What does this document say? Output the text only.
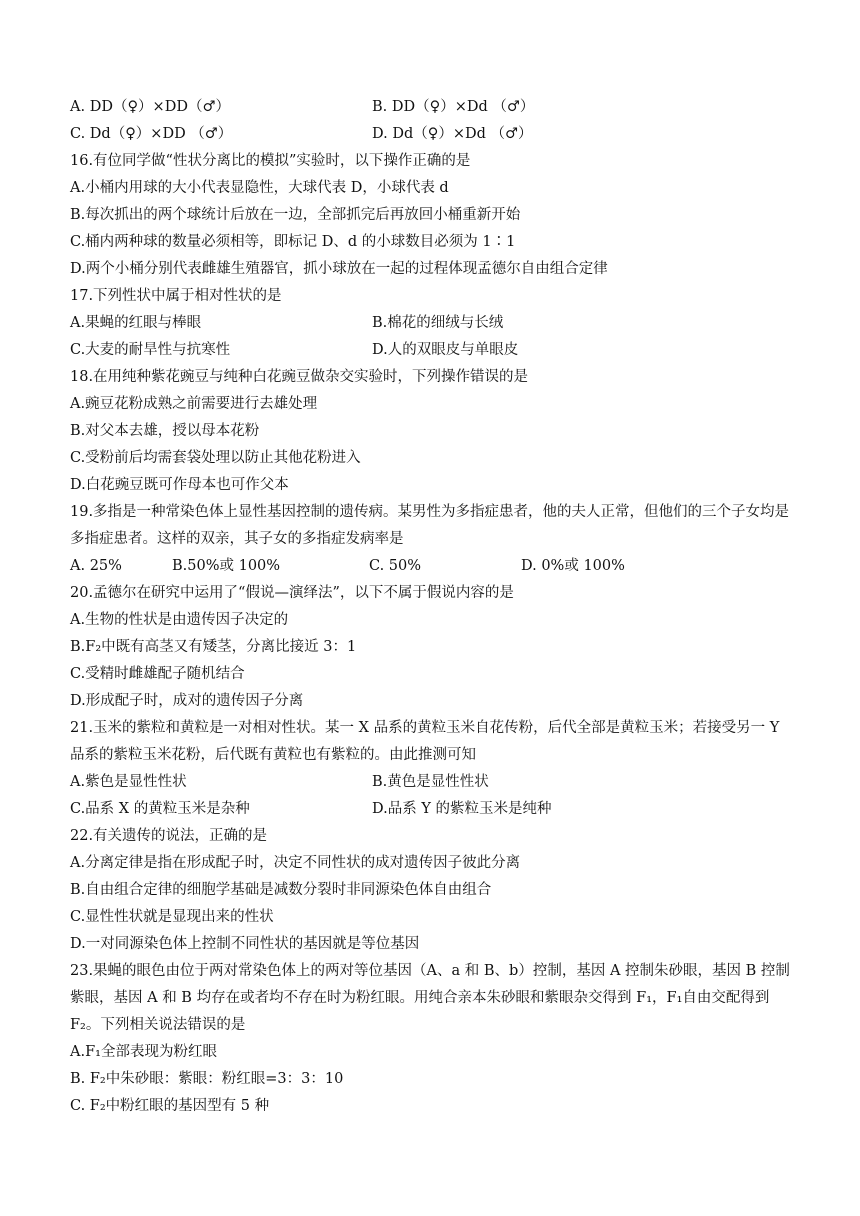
A. DD（♀）×DD（♂）	B. DD（♀）×Dd （♂）
C. Dd（♀）×DD （♂）	D. Dd（♀）×Dd （♂）
16.有位同学做“性状分离比的模拟”实验时，以下操作正确的是
A.小桶内用球的大小代表显隐性，大球代表 D，小球代表 d
B.每次抓出的两个球统计后放在一边，全部抓完后再放回小桶重新开始
C.桶内两种球的数量必须相等，即标记 D、d 的小球数目必须为 1∶1
D.两个小桶分别代表雌雄生殖器官，抓小球放在一起的过程体现孟德尔自由组合定律
17.下列性状中属于相对性状的是
A.果蝇的红眼与棒眼	B.棉花的细绒与长绒
C.大麦的耐旱性与抗寒性	D.人的双眼皮与单眼皮
18.在用纯种紫花豌豆与纯种白花豌豆做杂交实验时，下列操作错误的是
A.豌豆花粉成熟之前需要进行去雄处理
B.对父本去雄，授以母本花粉
C.受粉前后均需套袋处理以防止其他花粉进入
D.白花豌豆既可作母本也可作父本
19.多指是一种常染色体上显性基因控制的遗传病。某男性为多指症患者，他的夫人正常，但他们的三个子女均是多指症患者。这样的双亲，其子女的多指症发病率是
A. 25%	B.50%或 100%	C. 50%	D. 0%或 100%
20.孟德尔在研究中运用了“假说—演绎法”，以下不属于假说内容的是
A.生物的性状是由遗传因子决定的
B.F₂中既有高茎又有矮茎，分离比接近 3：1
C.受精时雌雄配子随机结合
D.形成配子时，成对的遗传因子分离
21.玉米的紫粒和黄粒是一对相对性状。某一 X 品系的黄粒玉米自花传粉，后代全部是黄粒玉米；若接受另一 Y 品系的紫粒玉米花粉，后代既有黄粒也有紫粒的。由此推测可知
A.紫色是显性性状	B.黄色是显性性状
C.品系 X 的黄粒玉米是杂种	D.品系 Y 的紫粒玉米是纯种
22.有关遗传的说法，正确的是
A.分离定律是指在形成配子时，决定不同性状的成对遗传因子彼此分离
B.自由组合定律的细胞学基础是减数分裂时非同源染色体自由组合
C.显性性状就是显现出来的性状
D.一对同源染色体上控制不同性状的基因就是等位基因
23.果蝇的眼色由位于两对常染色体上的两对等位基因（A、a 和 B、b）控制，基因 A 控制朱砂眼，基因 B 控制紫眼，基因 A 和 B 均存在或者均不存在时为粉红眼。用纯合亲本朱砂眼和紫眼杂交得到 F₁，F₁自由交配得到 F₂。下列相关说法错误的是
A.F₁全部表现为粉红眼
B. F₂中朱砂眼：紫眼：粉红眼=3：3：10
C. F₂中粉红眼的基因型有 5 种
